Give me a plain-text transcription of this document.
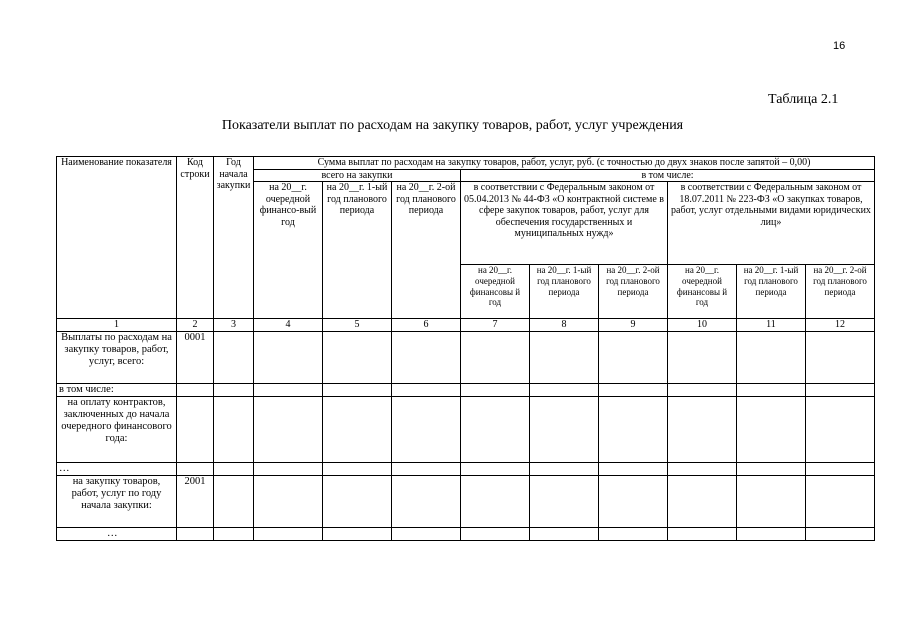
16
Таблица 2.1
Показатели выплат по расходам на закупку товаров, работ, услуг учреждения
Наименование показателя	Код строки	Год начала закупки	Сумма выплат по расходам на закупку товаров, работ, услуг, руб. (с точностью до двух знаков после запятой – 0,00)								
			всего на закупки			в том числе:					
			на 20__г. очередной финансо-вый год	на 20__г. 1-ый год планового периода	на 20__г. 2-ой год планового периода	в соответствии с Федеральным законом от 05.04.2013 № 44-ФЗ «О контрактной системе в сфере закупок товаров, работ, услуг для обеспечения государственных и муниципальных нужд»			в соответствии с Федеральным законом от 18.07.2011 № 223-ФЗ «О закупках товаров, работ, услуг отдельными видами юридических лиц»		
						на 20__г. очередной финансовы й год	на 20__г. 1-ый год планового периода	на 20__г. 2-ой год планового периода	на 20__г. очередной финансовы й год	на 20__г. 1-ый год планового периода	на 20__г. 2-ой год планового периода
1	2	3	4	5	6	7	8	9	10	11	12
Выплаты по расходам на закупку товаров, работ, услуг, всего:	0001										
в том числе:											
на оплату контрактов, заключенных до начала очередного финансового года:											
…											
на закупку товаров, работ, услуг по году начала закупки:	2001										
…											
